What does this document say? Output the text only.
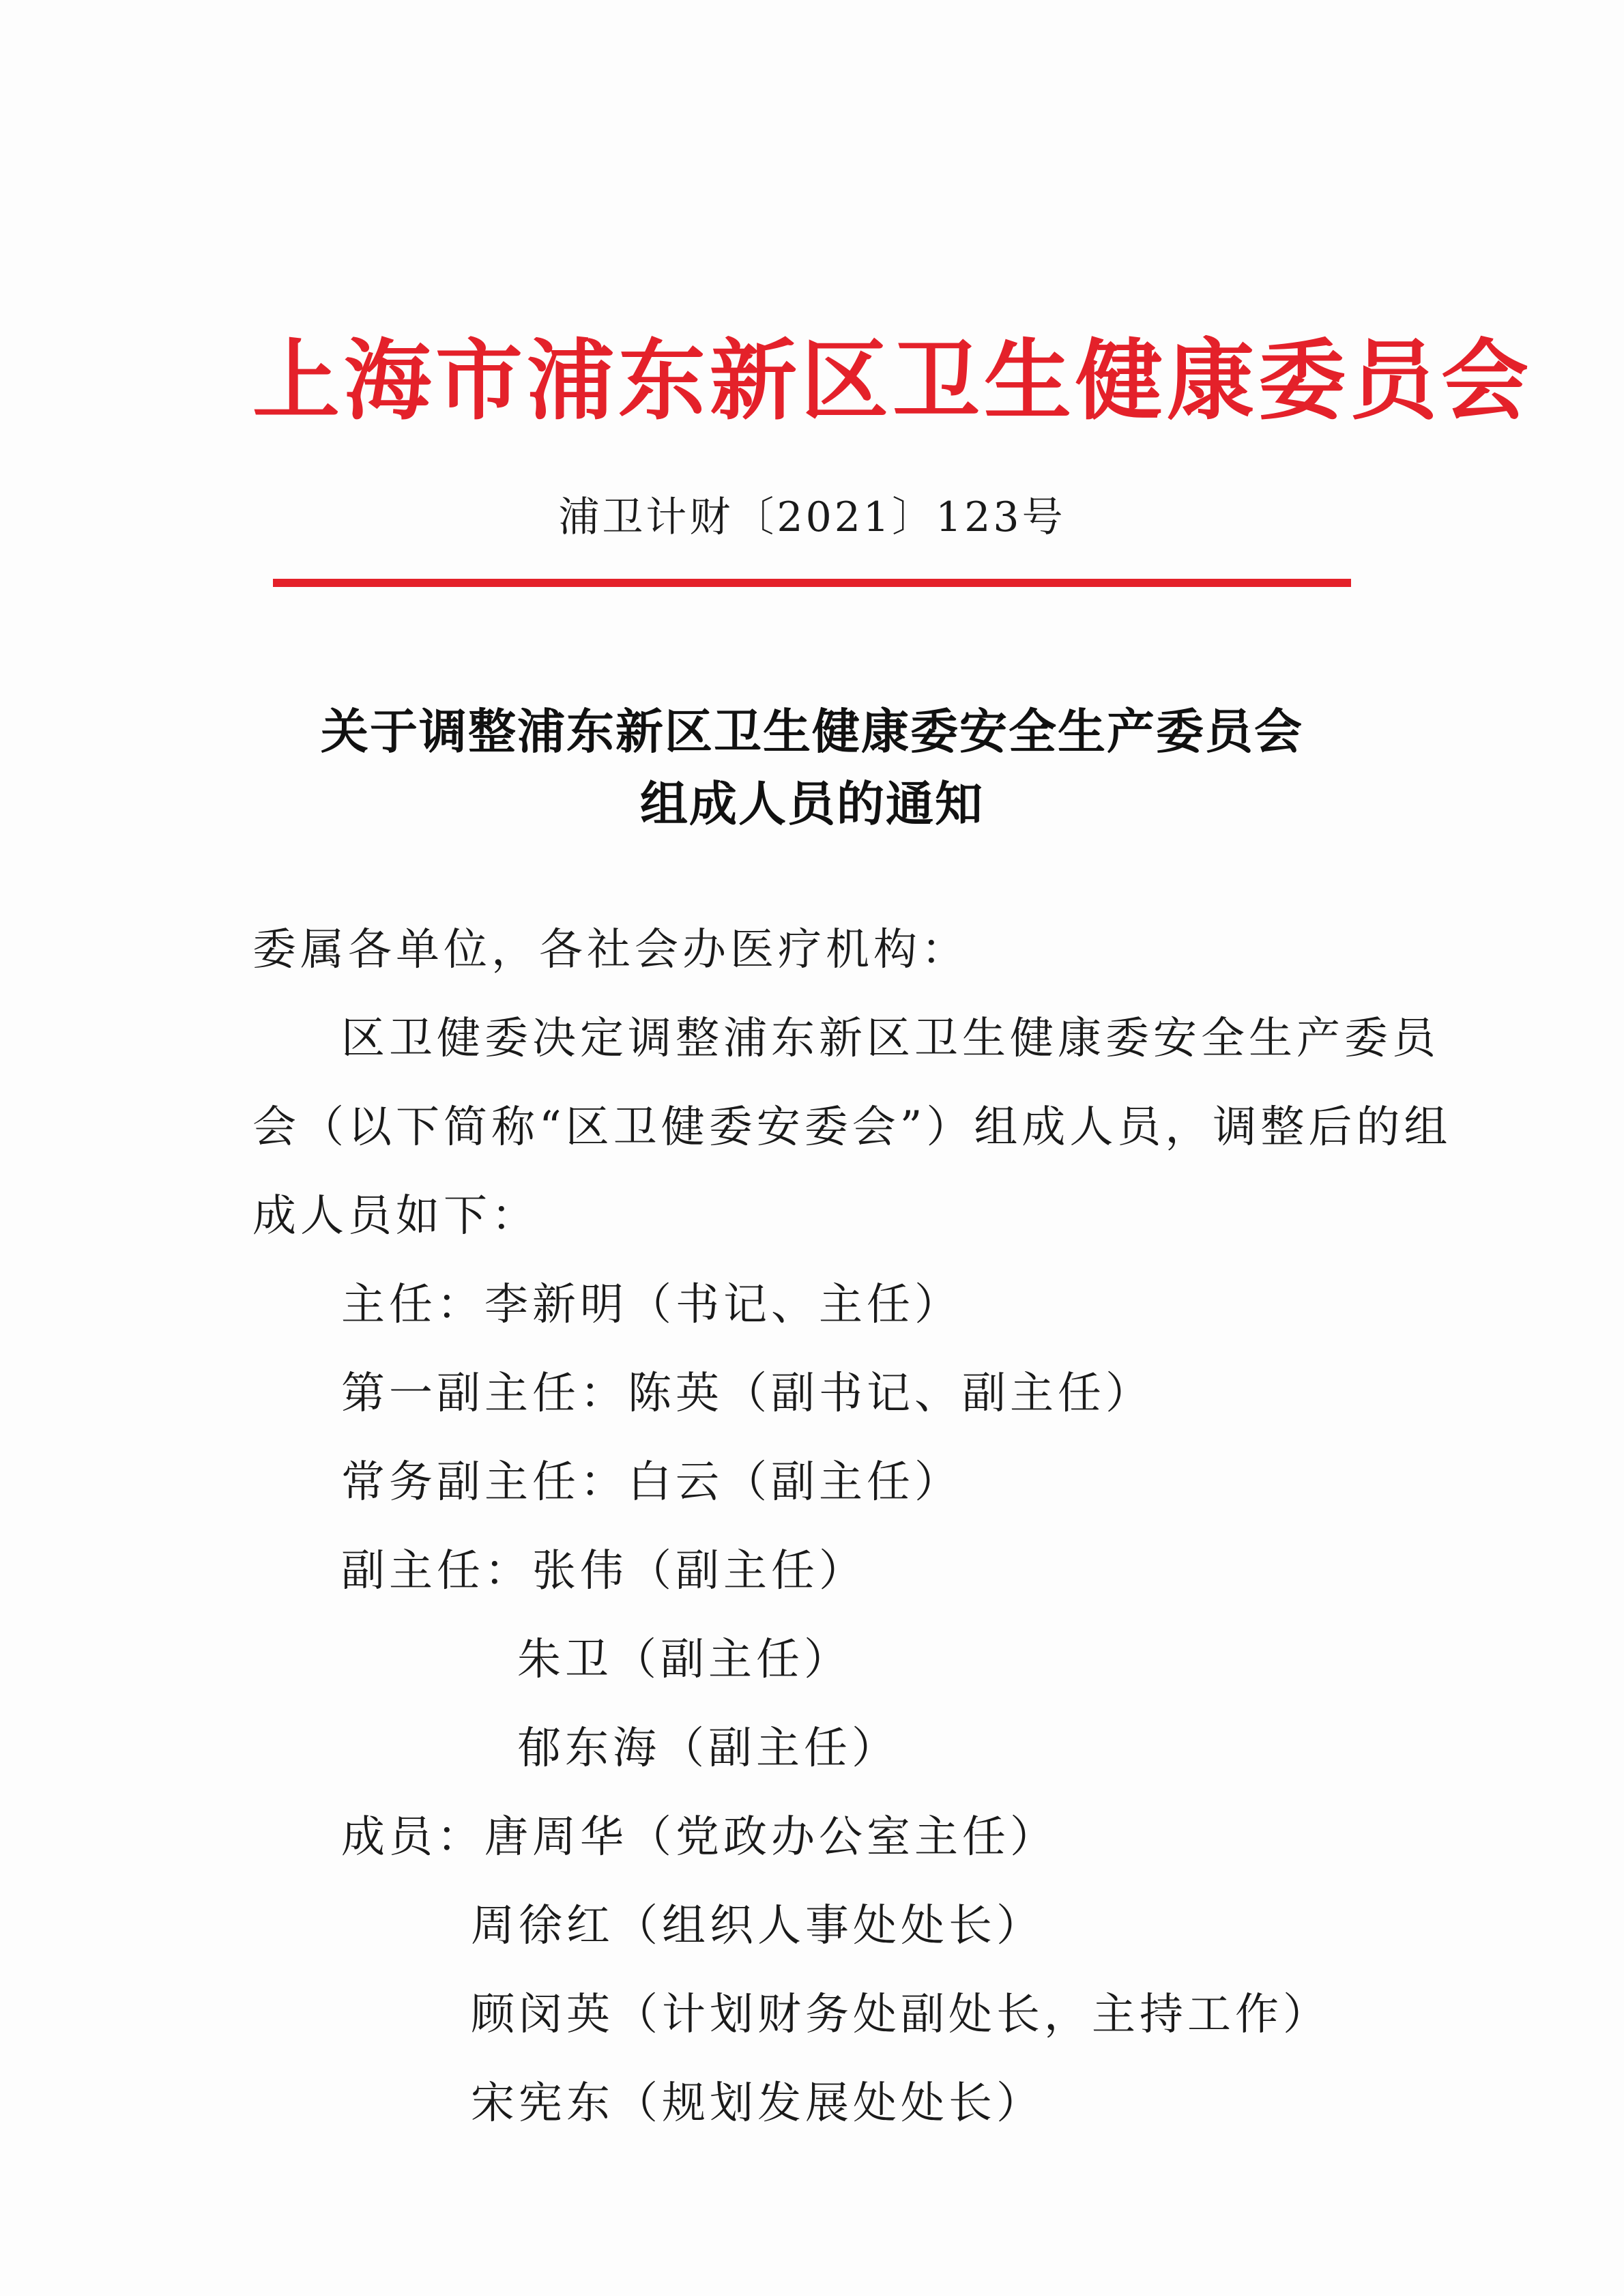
上海市浦东新区卫生健康委员会
浦卫计财〔2021〕123号
关于调整浦东新区卫生健康委安全生产委员会
组成人员的通知
委属各单位，各社会办医疗机构：
区卫健委决定调整浦东新区卫生健康委安全生产委员
会（以下简称“区卫健委安委会”）组成人员，调整后的组
成人员如下：
主任：李新明（书记、主任）
第一副主任：陈英（副书记、副主任）
常务副主任：白云（副主任）
副主任：张伟（副主任）
朱卫（副主任）
郁东海（副主任）
成员：唐周华（党政办公室主任）
周徐红（组织人事处处长）
顾闵英（计划财务处副处长，主持工作）
宋宪东（规划发展处处长）
